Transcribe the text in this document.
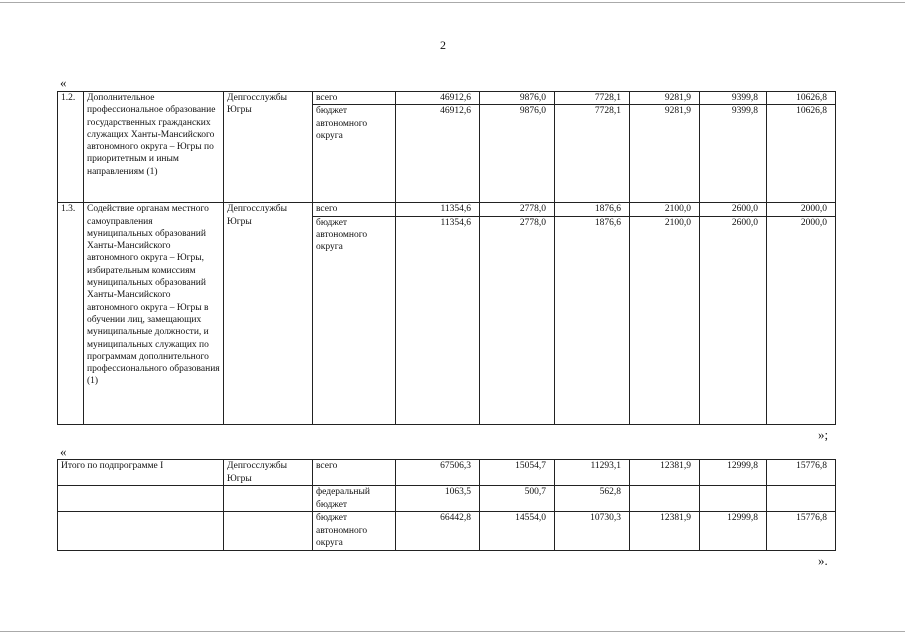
2
«
1.2.	Дополнительное профессиональное образование государственных гражданских служащих Ханты-Мансийского автономного округа – Югры по приоритетным и иным направлениям (1)	Депгосслужбы Югры	всего	46912,6	9876,0	7728,1	9281,9	9399,8	10626,8
			бюджет автономного округа	46912,6	9876,0	7728,1	9281,9	9399,8	10626,8
1.3.	Содействие органам местного самоуправления муниципальных образований Ханты-Мансийского автономного округа – Югры, избирательным комиссиям муниципальных образований Ханты-Мансийского автономного округа – Югры в обучении лиц, замещающих муниципальные должности, и муниципальных служащих по программам дополнительного профессионального образования (1)	Депгосслужбы Югры	всего	11354,6	2778,0	1876,6	2100,0	2600,0	2000,0
			бюджет автономного округа	11354,6	2778,0	1876,6	2100,0	2600,0	2000,0
»;
«
Итого по подпрограмме I	Депгосслужбы Югры	всего	67506,3	15054,7	11293,1	12381,9	12999,8	15776,8
		федеральный бюджет	1063,5	500,7	562,8			
		бюджет автономного округа	66442,8	14554,0	10730,3	12381,9	12999,8	15776,8
».
